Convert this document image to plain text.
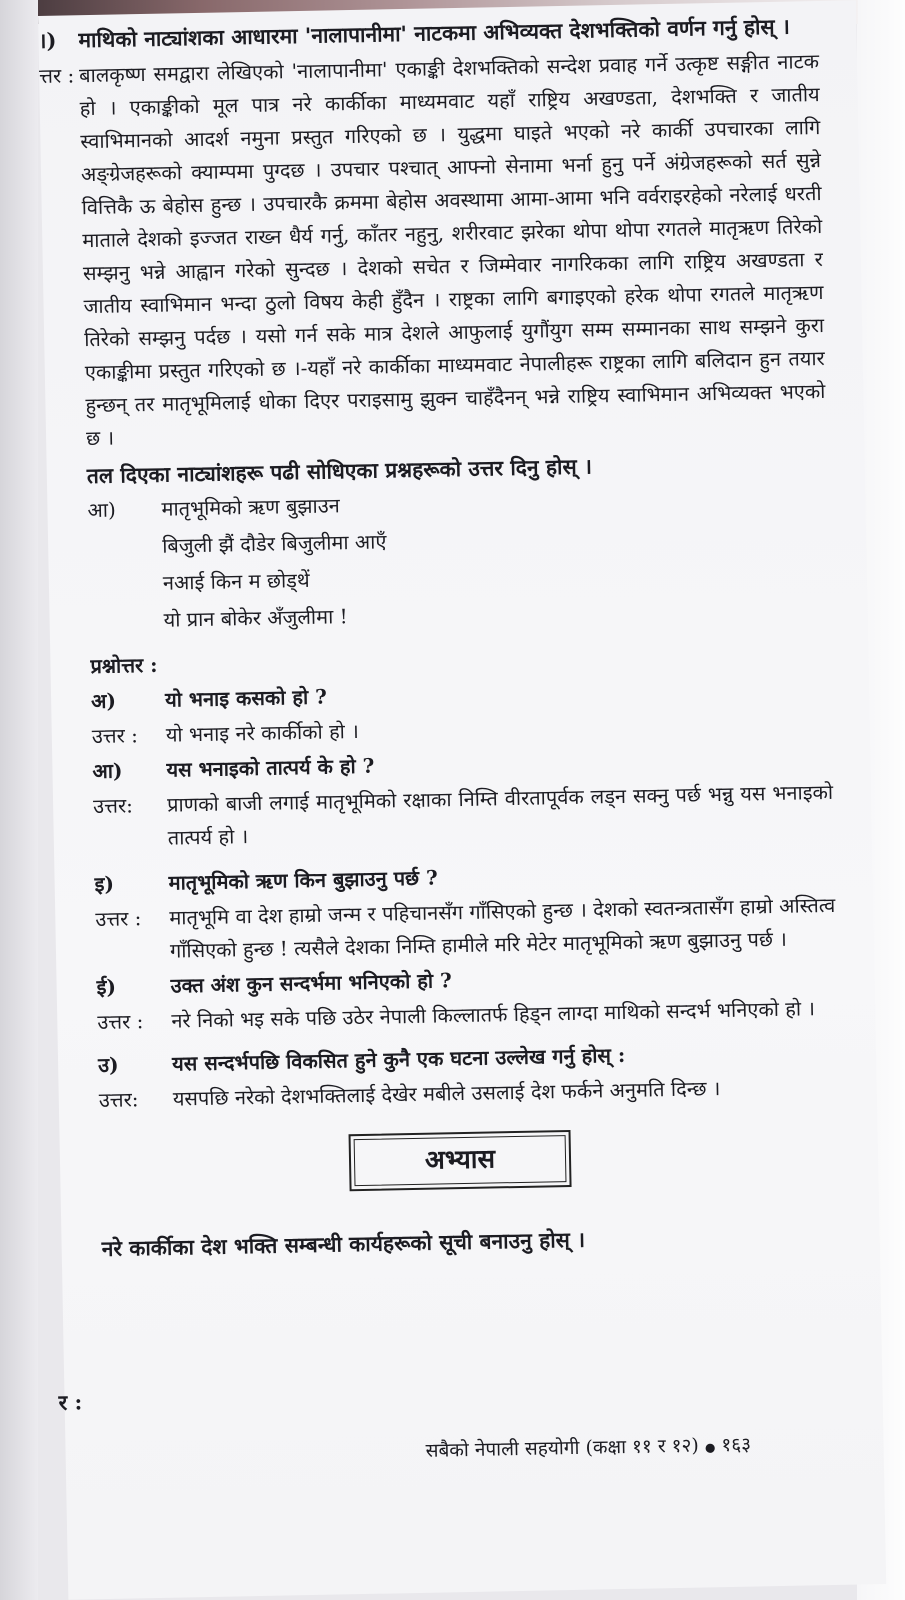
।) माथिको नाट्यांशका आधारमा 'नालापानीमा' नाटकमा अभिव्यक्त देशभक्तिको वर्णन गर्नु होस् ।
त्तर : बालकृष्ण समद्वारा लेखिएको 'नालापानीमा' एकाङ्की देशभक्तिको सन्देश प्रवाह गर्ने उत्कृष्ट सङ्गीत नाटक हो । एकाङ्कीको मूल पात्र नरे कार्कीका माध्यमवाट यहाँ राष्ट्रिय अखण्डता, देशभक्ति र जातीय स्वाभिमानको आदर्श नमुना प्रस्तुत गरिएको छ । युद्धमा घाइते भएको नरे कार्की उपचारका लागि अङ्ग्रेजहरूको क्याम्पमा पुग्दछ । उपचार पश्चात् आफ्नो सेनामा भर्ना हुनु पर्ने अंग्रेजहरूको सर्त सुन्ने वित्तिकै ऊ बेहोस हुन्छ । उपचारकै क्रममा बेहोस अवस्थामा आमा-आमा भनि वर्वराइरहेको नरेलाई धरती माताले देशको इज्जत राख्न धैर्य गर्नु, काँतर नहुनु, शरीरवाट झरेका थोपा थोपा रगतले मातृऋण तिरेको सम्झनु भन्ने आह्वान गरेको सुन्दछ । देशको सचेत र जिम्मेवार नागरिकका लागि राष्ट्रिय अखण्डता र जातीय स्वाभिमान भन्दा ठुलो विषय केही हुँदैन । राष्ट्रका लागि बगाइएको हरेक थोपा रगतले मातृऋण तिरेको सम्झनु पर्दछ । यसो गर्न सके मात्र देशले आफुलाई युगौंयुग सम्म सम्मानका साथ सम्झने कुरा एकाङ्कीमा प्रस्तुत गरिएको छ ।-यहाँ नरे कार्कीका माध्यमवाट नेपालीहरू राष्ट्रका लागि बलिदान हुन तयार हुन्छन् तर मातृभूमिलाई धोका दिएर पराइसामु झुक्न चाहँदैनन् भन्ने राष्ट्रिय स्वाभिमान अभिव्यक्त भएको छ ।
तल दिएका नाट्यांशहरू पढी सोधिएका प्रश्नहरूको उत्तर दिनु होस् ।
आ)	मातृभूमिको ऋण बुझाउन
बिजुली झैं दौडेर बिजुलीमा आएँ
नआई किन म छोड्थें
यो प्रान बोकेर अँजुलीमा !
प्रश्नोत्तर :
अ)	यो भनाइ कसको हो ?
उत्तर :	यो भनाइ नरे कार्कीको हो ।
आ)	यस भनाइको तात्पर्य के हो ?
उत्तर:	प्राणको बाजी लगाई मातृभूमिको रक्षाका निम्ति वीरतापूर्वक लड्न सक्नु पर्छ भन्नु यस भनाइको तात्पर्य हो ।
इ)	मातृभूमिको ऋण किन बुझाउनु पर्छ ?
उत्तर :	मातृभूमि वा देश हाम्रो जन्म र पहिचानसँग गाँसिएको हुन्छ । देशको स्वतन्त्रतासँग हाम्रो अस्तित्व गाँसिएको हुन्छ ! त्यसैले देशका निम्ति हामीले मरि मेटेर मातृभूमिको ऋण बुझाउनु पर्छ ।
ई)	उक्त अंश कुन सन्दर्भमा भनिएको हो ?
उत्तर :	नरे निको भइ सके पछि उठेर नेपाली किल्लातर्फ हिड्न लाग्दा माथिको सन्दर्भ भनिएको हो ।
उ)	यस सन्दर्भपछि विकसित हुने कुनै एक घटना उल्लेख गर्नु होस् :
उत्तर:	यसपछि नरेको देशभक्तिलाई देखेर मबीले उसलाई देश फर्कने अनुमति दिन्छ ।
अभ्यास
नरे कार्कीका देश भक्ति सम्बन्धी कार्यहरूको सूची बनाउनु होस् ।
र :
सबैको नेपाली सहयोगी (कक्षा ११ र १२) ● १६३
